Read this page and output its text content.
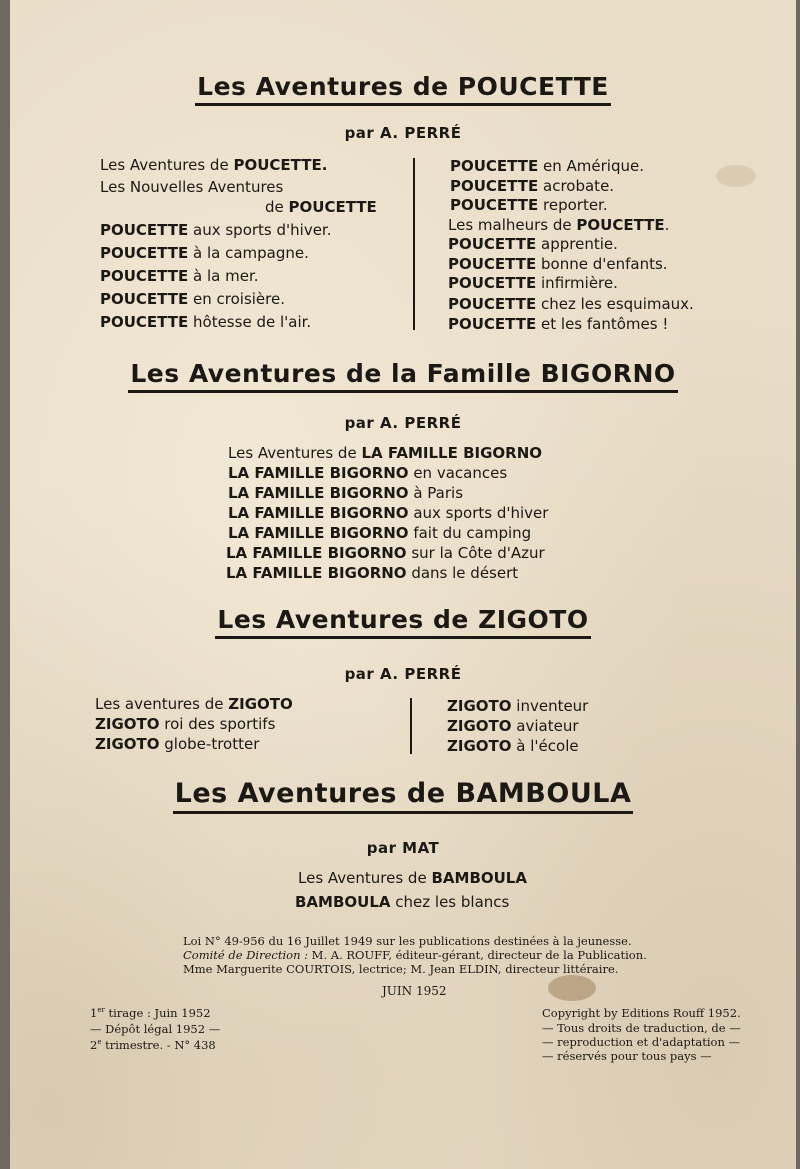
Les Aventures de POUCETTE
par A. PERRÉ
Les Aventures de POUCETTE.
Les Nouvelles Aventures
de POUCETTE
POUCETTE aux sports d'hiver.
POUCETTE à la campagne.
POUCETTE à la mer.
POUCETTE en croisière.
POUCETTE hôtesse de l'air.
POUCETTE en Amérique.
POUCETTE acrobate.
POUCETTE reporter.
Les malheurs de POUCETTE.
POUCETTE apprentie.
POUCETTE bonne d'enfants.
POUCETTE infirmière.
POUCETTE chez les esquimaux.
POUCETTE et les fantômes !
Les Aventures de la Famille BIGORNO
par A. PERRÉ
Les Aventures de LA FAMILLE BIGORNO
LA FAMILLE BIGORNO en vacances
LA FAMILLE BIGORNO à Paris
LA FAMILLE BIGORNO aux sports d'hiver
LA FAMILLE BIGORNO fait du camping
LA FAMILLE BIGORNO sur la Côte d'Azur
LA FAMILLE BIGORNO dans le désert
Les Aventures de ZIGOTO
par A. PERRÉ
Les aventures de ZIGOTO
ZIGOTO roi des sportifs
ZIGOTO globe-trotter
ZIGOTO inventeur
ZIGOTO aviateur
ZIGOTO à l'école
Les Aventures de BAMBOULA
par MAT
Les Aventures de BAMBOULA
BAMBOULA chez les blancs
Loi N° 49-956 du 16 Juillet 1949 sur les publications destinées à la jeunesse.
Comité de Direction : M. A. ROUFF, éditeur-gérant, directeur de la Publication.
Mme Marguerite COURTOIS, lectrice; M. Jean ELDIN, directeur littéraire.
JUIN 1952
1er tirage : Juin 1952
— Dépôt légal 1952 —
2e trimestre. - N° 438
Copyright by Editions Rouff 1952.
— Tous droits de traduction, de —
— reproduction et d'adaptation —
— réservés pour tous pays —
